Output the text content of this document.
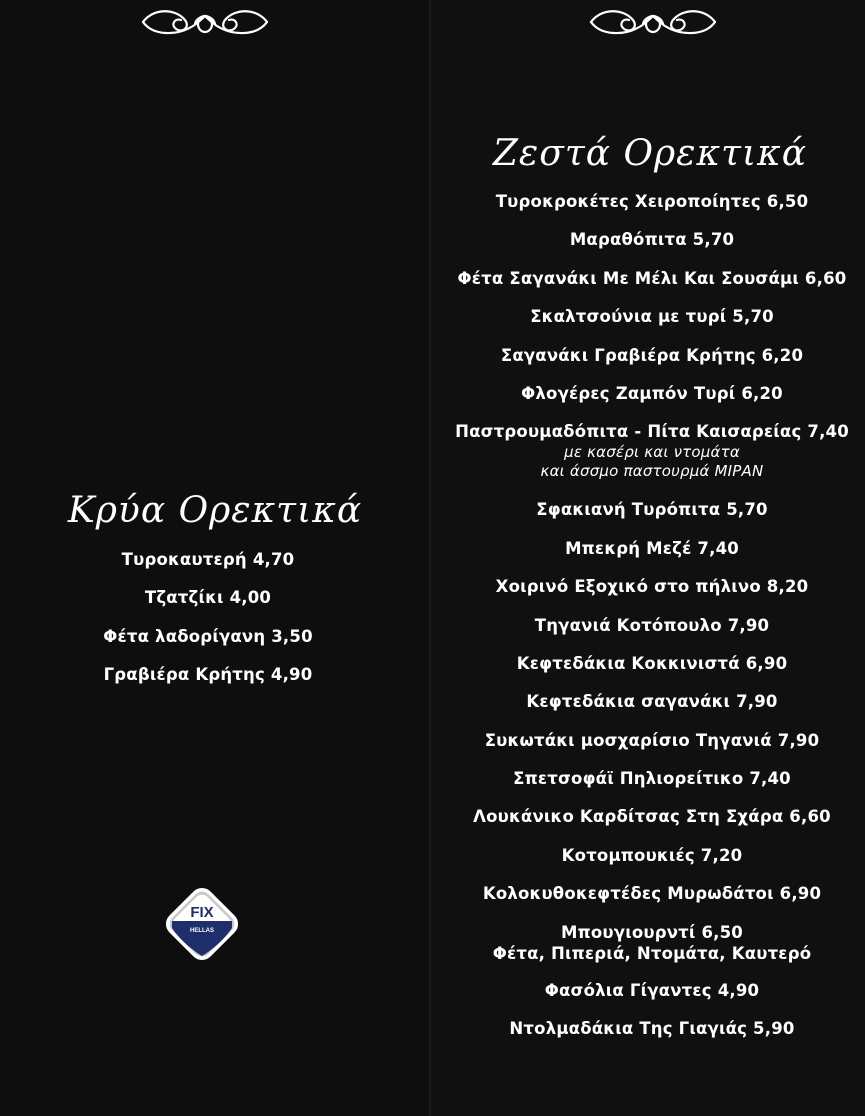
Κρύα Ορεκτικά
Τυροκαυτερή 4,70
Τζατζίκι 4,00
Φέτα λαδορίγανη 3,50
Γραβιέρα Κρήτης 4,90
FIX
HELLAS
Ζεστά Ορεκτικά
Τυροκροκέτες Χειροποίητες 6,50
Μαραθόπιτα 5,70
Φέτα Σαγανάκι Με Μέλι Και Σουσάμι 6,60
Σκαλτσούνια με τυρί 5,70
Σαγανάκι Γραβιέρα Κρήτης 6,20
Φλογέρες Ζαμπόν Τυρί 6,20
Παστρουμαδόπιτα - Πίτα Καισαρείας 7,40
με κασέρι και ντομάτα
και άσσμο παστουρμά ΜΙΡΑΝ
Σφακιανή Τυρόπιτα 5,70
Μπεκρή Μεζέ 7,40
Χοιρινό Εξοχικό στο πήλινο 8,20
Τηγανιά Κοτόπουλο 7,90
Κεφτεδάκια Κοκκινιστά 6,90
Κεφτεδάκια σαγανάκι 7,90
Συκωτάκι μοσχαρίσιο Τηγανιά 7,90
Σπετσοφάϊ Πηλιορείτικο 7,40
Λουκάνικο Καρδίτσας Στη Σχάρα 6,60
Κοτομπουκιές 7,20
Κολοκυθοκεφτέδες Μυρωδάτοι 6,90
Μπουγιουρντί 6,50
Φέτα, Πιπεριά, Ντομάτα, Καυτερό
Φασόλια Γίγαντες 4,90
Ντολμαδάκια Της Γιαγιάς 5,90
